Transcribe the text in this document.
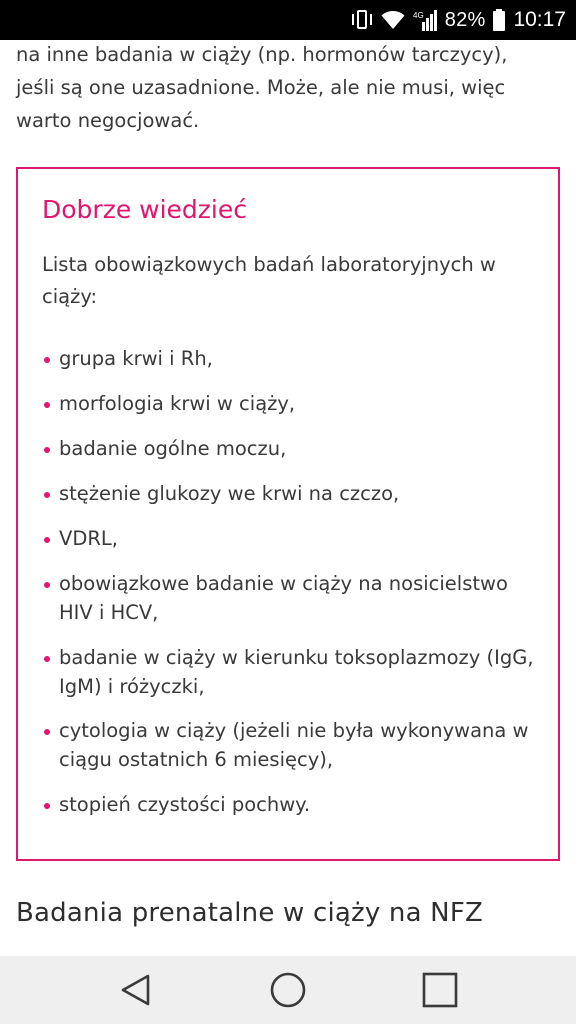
4G 82% 10:17

na inne badania w ciąży (np. hormonów tarczycy),

jeśli są one uzasadnione. Może, ale nie musi, więc

warto negocjować.

Dobrze wiedzieć

Lista obowiązkowych badań laboratoryjnych w ciąży:

grupa krwi i Rh,
morfologia krwi w ciąży,
badanie ogólne moczu,
stężenie glukozy we krwi na czczo,
VDRL,
obowiązkowe badanie w ciąży na nosicielstwo HIV i HCV,
badanie w ciąży w kierunku toksoplazmozy (IgG, IgM) i różyczki,
cytologia w ciąży (jeżeli nie była wykonywana w ciągu ostatnich 6 miesięcy),
stopień czystości pochwy.
Badania prenatalne w ciąży na NFZ
